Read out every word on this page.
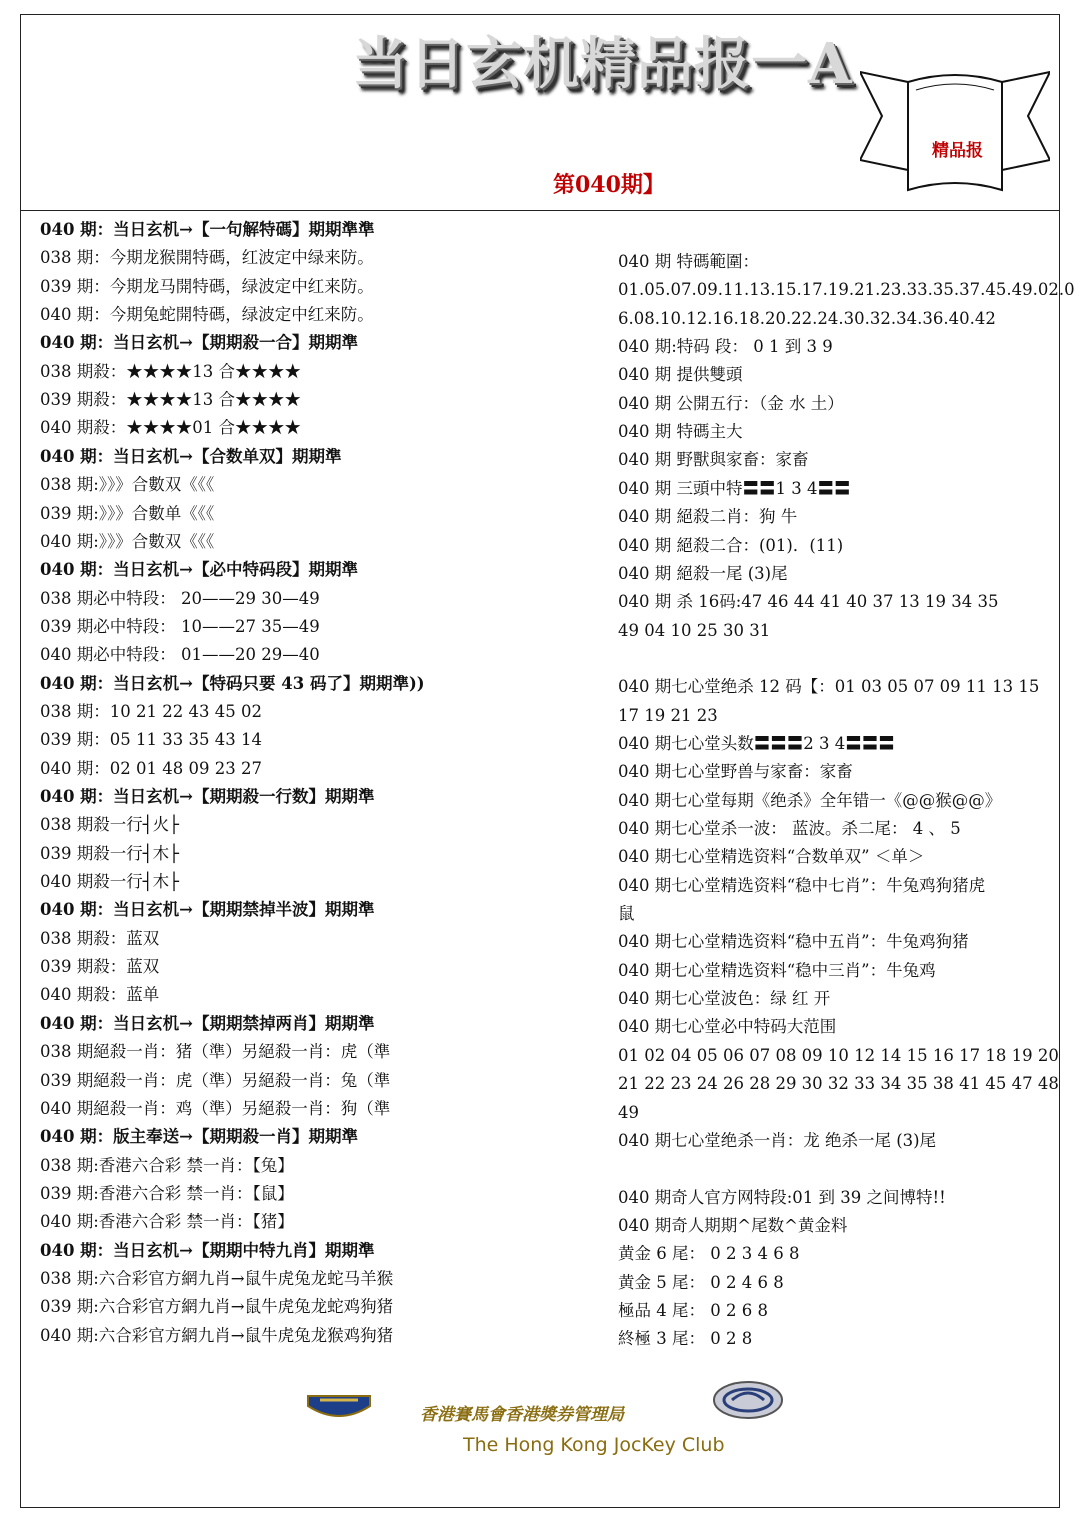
当日玄机精品报一A
精品报
第040期】
040 期：当日玄机→【一句解特碼】期期準準
038 期：今期龙猴開特碼，红波定中绿来防。
039 期：今期龙马開特碼，绿波定中红来防。
040 期：今期兔蛇開特碼，绿波定中红来防。
040 期：当日玄机→【期期殺一合】期期準
038 期殺：★★★★13 合★★★★
039 期殺：★★★★13 合★★★★
040 期殺：★★★★01 合★★★★
040 期：当日玄机→【合数单双】期期準
038 期:》》》合數双《《《
039 期:》》》合數单《《《
040 期:》》》合數双《《《
040 期：当日玄机→【必中特码段】期期準
038 期必中特段： 20——29 30—49
039 期必中特段： 10——27 35—49
040 期必中特段： 01——20 29—40
040 期：当日玄机→【特码只要 43 码了】期期準))
038 期：10 21 22 43 45 02
039 期：05 11 33 35 43 14
040 期：02 01 48 09 23 27
040 期：当日玄机→【期期殺一行数】期期準
038 期殺一行┤火├
039 期殺一行┤木├
040 期殺一行┤木├
040 期：当日玄机→【期期禁掉半波】期期準
038 期殺：蓝双
039 期殺：蓝双
040 期殺：蓝单
040 期：当日玄机→【期期禁掉两肖】期期準
038 期絕殺一肖：猪（準）另絕殺一肖：虎（準
039 期絕殺一肖：虎（準）另絕殺一肖：兔（準
040 期絕殺一肖：鸡（準）另絕殺一肖：狗（準
040 期：版主奉送→【期期殺一肖】期期準
038 期:香港六合彩 禁一肖：【兔】
039 期:香港六合彩 禁一肖：【鼠】
040 期:香港六合彩 禁一肖：【猪】
040 期：当日玄机→【期期中特九肖】期期準
038 期:六合彩官方網九肖→鼠牛虎兔龙蛇马羊猴
039 期:六合彩官方網九肖→鼠牛虎兔龙蛇鸡狗猪
040 期:六合彩官方網九肖→鼠牛虎兔龙猴鸡狗猪
040 期 特碼範圍：
01.05.07.09.11.13.15.17.19.21.23.33.35.37.45.49.02.0
6.08.10.12.16.18.20.22.24.30.32.34.36.40.42
040 期:特码 段： 0 1 到 3 9
040 期 提供雙頭
040 期 公開五行：（金 水 土）
040 期 特碼主大
040 期 野獸與家畜：家畜
040 期 三頭中特〓〓1 3 4〓〓
040 期 絕殺二肖：狗 牛
040 期 絕殺二合：(01)．(11)
040 期 絕殺一尾 (3)尾
040 期 杀 16码:47 46 44 41 40 37 13 19 34 35
49 04 10 25 30 31
040 期七心堂绝杀 12 码【：01 03 05 07 09 11 13 15
17 19 21 23
040 期七心堂头数〓〓〓2 3 4〓〓〓
040 期七心堂野兽与家畜：家畜
040 期七心堂每期《绝杀》全年错一《@@猴@@》
040 期七心堂杀一波： 蓝波。杀二尾： 4 、 5
040 期七心堂精选资料“合数单双” ＜单＞
040 期七心堂精选资料“稳中七肖”：牛兔鸡狗猪虎
鼠
040 期七心堂精选资料“稳中五肖”：牛兔鸡狗猪
040 期七心堂精选资料“稳中三肖”：牛兔鸡
040 期七心堂波色：绿 红 开
040 期七心堂必中特码大范围
01 02 04 05 06 07 08 09 10 12 14 15 16 17 18 19 20
21 22 23 24 26 28 29 30 32 33 34 35 38 41 45 47 48
49
040 期七心堂绝杀一肖：龙 绝杀一尾 (3)尾
040 期奇人官方网特段:01 到 39 之间博特!!
040 期奇人期期^尾数^黄金料
黄金 6 尾： 0 2 3 4 6 8
黄金 5 尾： 0 2 4 6 8
極品 4 尾： 0 2 6 8
終極 3 尾： 0 2 8
香港賽馬會香港獎券管理局
The Hong Kong JocKey Club
